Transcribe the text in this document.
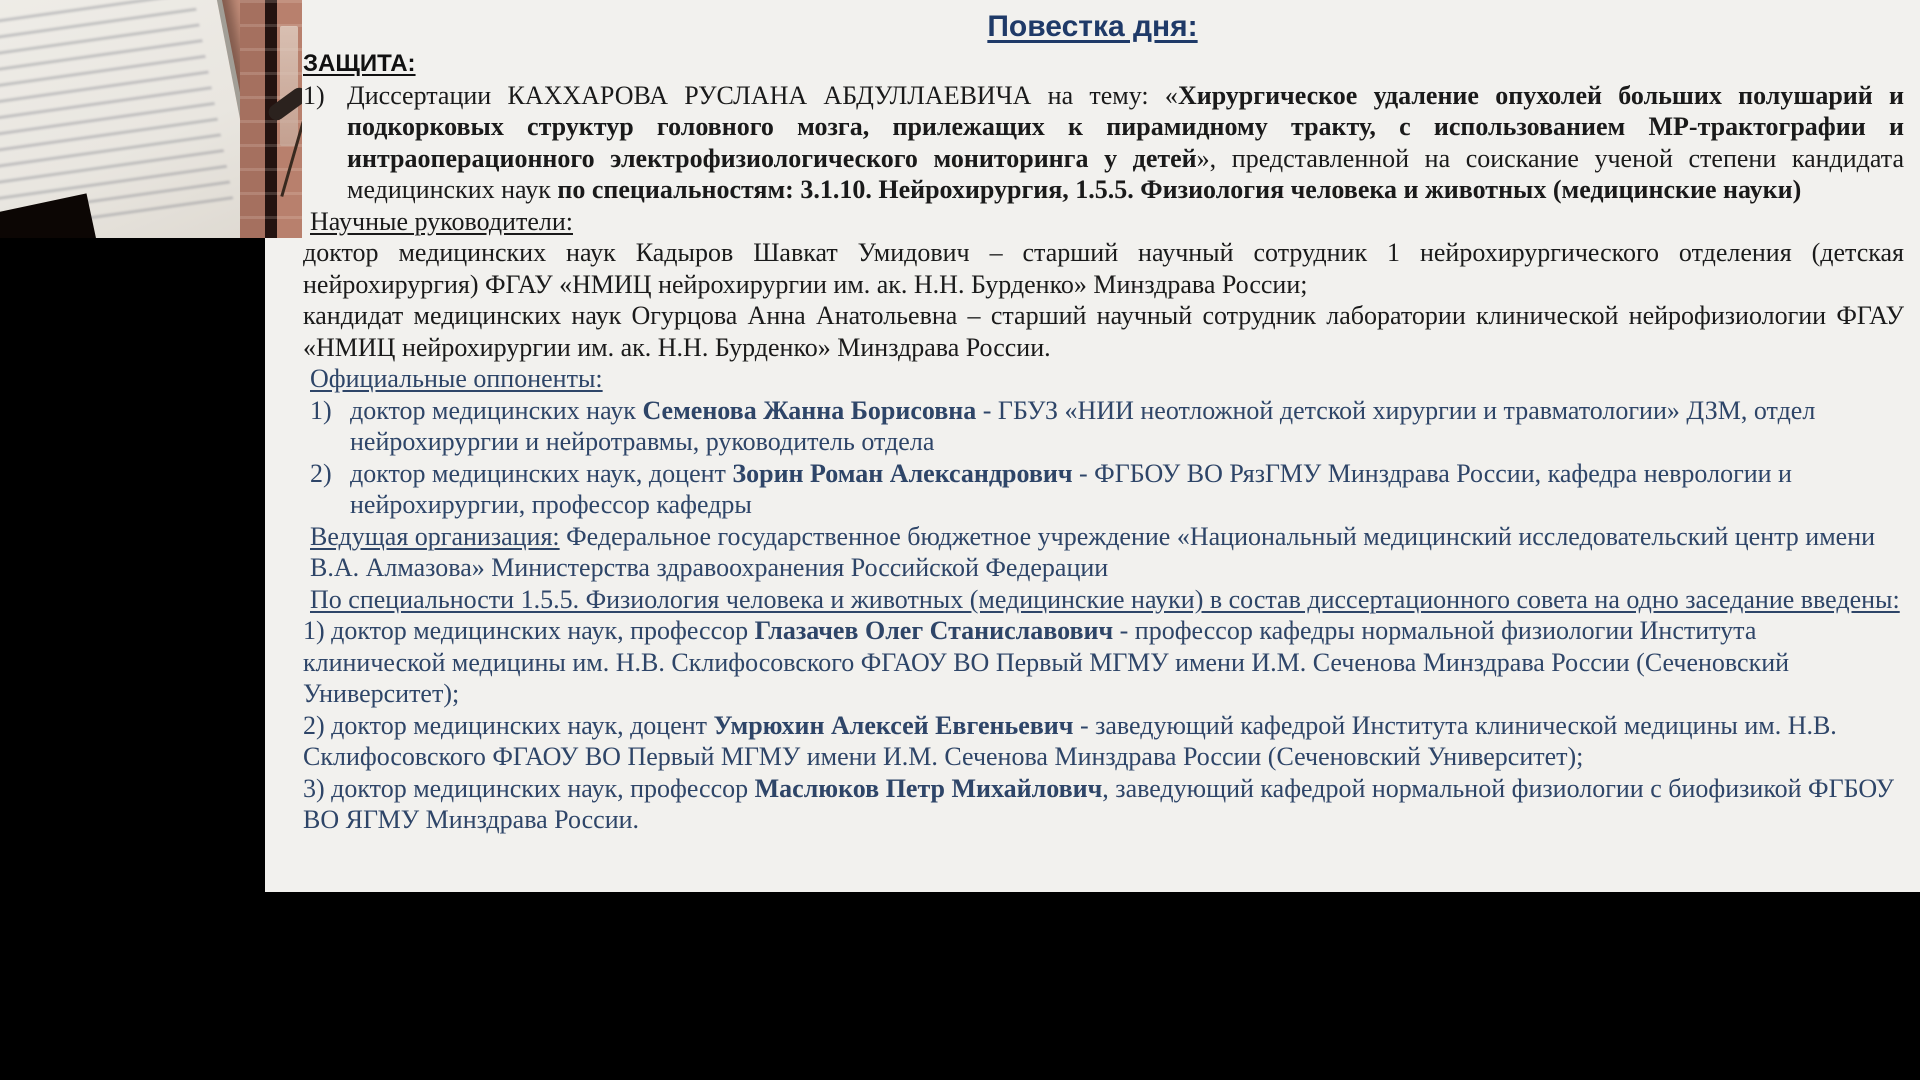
Повестка дня:
ЗАЩИТА:
1) Диссертации КАХХАРОВА РУСЛАНА АБДУЛЛАЕВИЧА на тему: «Хирургическое удаление опухолей больших полушарий и подкорковых структур головного мозга, прилежащих к пирамидному тракту, с использованием МР-трактографии и интраоперационного электрофизиологического мониторинга у детей», представленной на соискание ученой степени кандидата медицинских наук по специальностям: 3.1.10. Нейрохирургия, 1.5.5. Физиология человека и животных (медицинские науки)

Научные руководители:

доктор медицинских наук Кадыров Шавкат Умидович – старший научный сотрудник 1 нейрохирургического отделения (детская нейрохирургия) ФГАУ «НМИЦ нейрохирургии им. ак. Н.Н. Бурденко» Минздрава России;

кандидат медицинских наук Огурцова Анна Анатольевна – старший научный сотрудник лаборатории клинической нейрофизиологии ФГАУ «НМИЦ нейрохирургии им. ак. Н.Н. Бурденко» Минздрава России.

Официальные оппоненты:

1) доктор медицинских наук Семенова Жанна Борисовна - ГБУЗ «НИИ неотложной детской хирургии и травматологии» ДЗМ, отдел нейрохирургии и нейротравмы, руководитель отдела

2) доктор медицинских наук, доцент Зорин Роман Александрович - ФГБОУ ВО РязГМУ Минздрава России, кафедра неврологии и нейрохирургии, профессор кафедры

Ведущая организация: Федеральное государственное бюджетное учреждение «Национальный медицинский исследовательский центр имени В.А. Алмазова» Министерства здравоохранения Российской Федерации

По специальности 1.5.5. Физиология человека и животных (медицинские науки) в состав диссертационного совета на одно заседание введены:

1) доктор медицинских наук, профессор Глазачев Олег Станиславович - профессор кафедры нормальной физиологии Института клинической медицины им. Н.В. Склифосовского ФГАОУ ВО Первый МГМУ имени И.М. Сеченова Минздрава России (Сеченовский Университет);

2) доктор медицинских наук, доцент Умрюхин Алексей Евгеньевич - заведующий кафедрой Института клинической медицины им. Н.В. Склифосовского ФГАОУ ВО Первый МГМУ имени И.М. Сеченова Минздрава России (Сеченовский Университет);

3) доктор медицинских наук, профессор Маслюков Петр Михайлович, заведующий кафедрой нормальной физиологии с биофизикой ФГБОУ ВО ЯГМУ Минздрава России.
